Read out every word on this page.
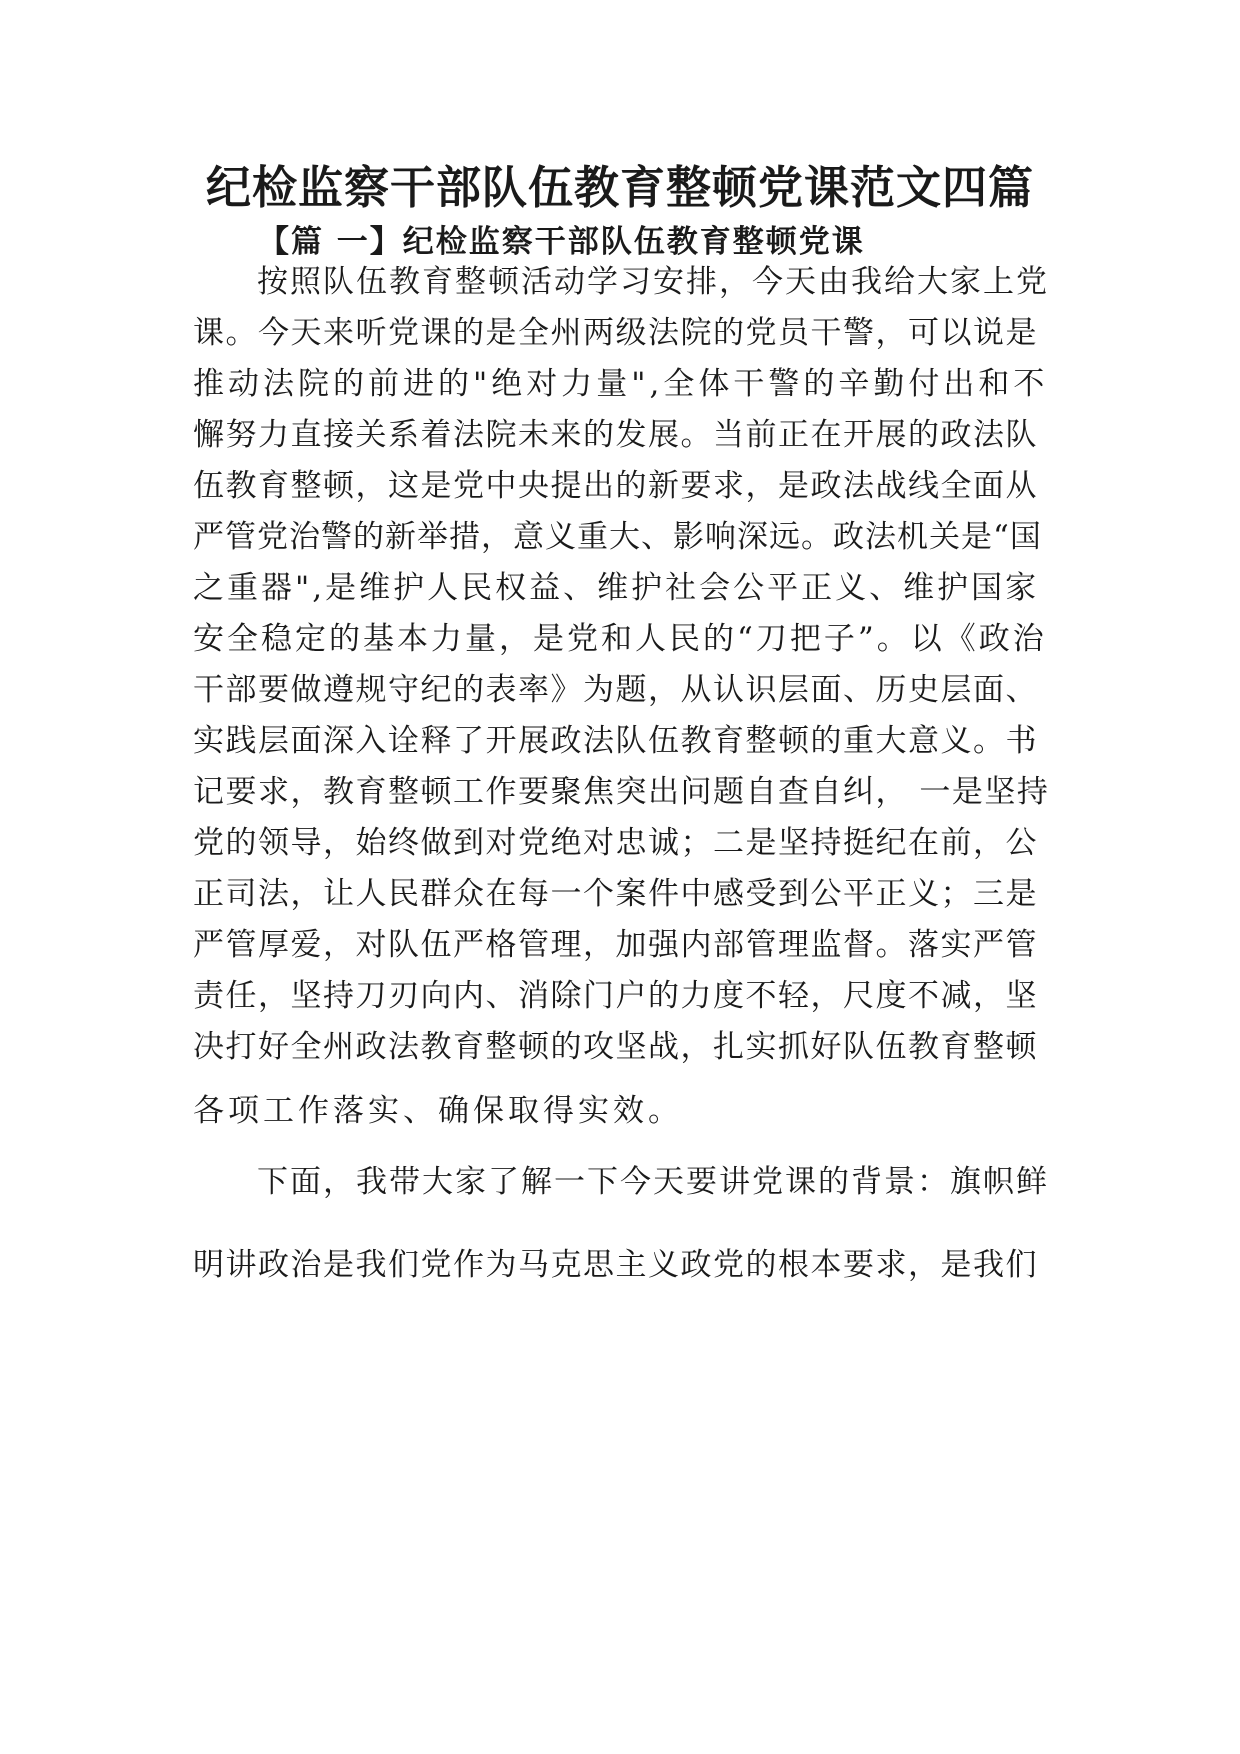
纪检监察干部队伍教育整顿党课范文四篇
【篇 一】纪检监察干部队伍教育整顿党课

按照队伍教育整顿活动学习安排，今天由我给大家上党

课。今天来听党课的是全州两级法院的党员干警，可以说是

推动法院的前进的"绝对力量",全体干警的辛勤付出和不

懈努力直接关系着法院未来的发展。当前正在开展的政法队

伍教育整顿，这是党中央提出的新要求，是政法战线全面从

严管党治警的新举措，意义重大、影响深远。政法机关是“国

之重器",是维护人民权益、维护社会公平正义、维护国家

安全稳定的基本力量，是党和人民的“刀把子”。以《政治

干部要做遵规守纪的表率》为题，从认识层面、历史层面、

实践层面深入诠释了开展政法队伍教育整顿的重大意义。书

记要求，教育整顿工作要聚焦突出问题自查自纠， 一是坚持

党的领导，始终做到对党绝对忠诚；二是坚持挺纪在前，公

正司法，让人民群众在每一个案件中感受到公平正义；三是

严管厚爱，对队伍严格管理，加强内部管理监督。落实严管

责任，坚持刀刃向内、消除门户的力度不轻，尺度不减，坚

决打好全州政法教育整顿的攻坚战，扎实抓好队伍教育整顿

各项工作落实、确保取得实效。

下面，我带大家了解一下今天要讲党课的背景：旗帜鲜

明讲政治是我们党作为马克思主义政党的根本要求，是我们
